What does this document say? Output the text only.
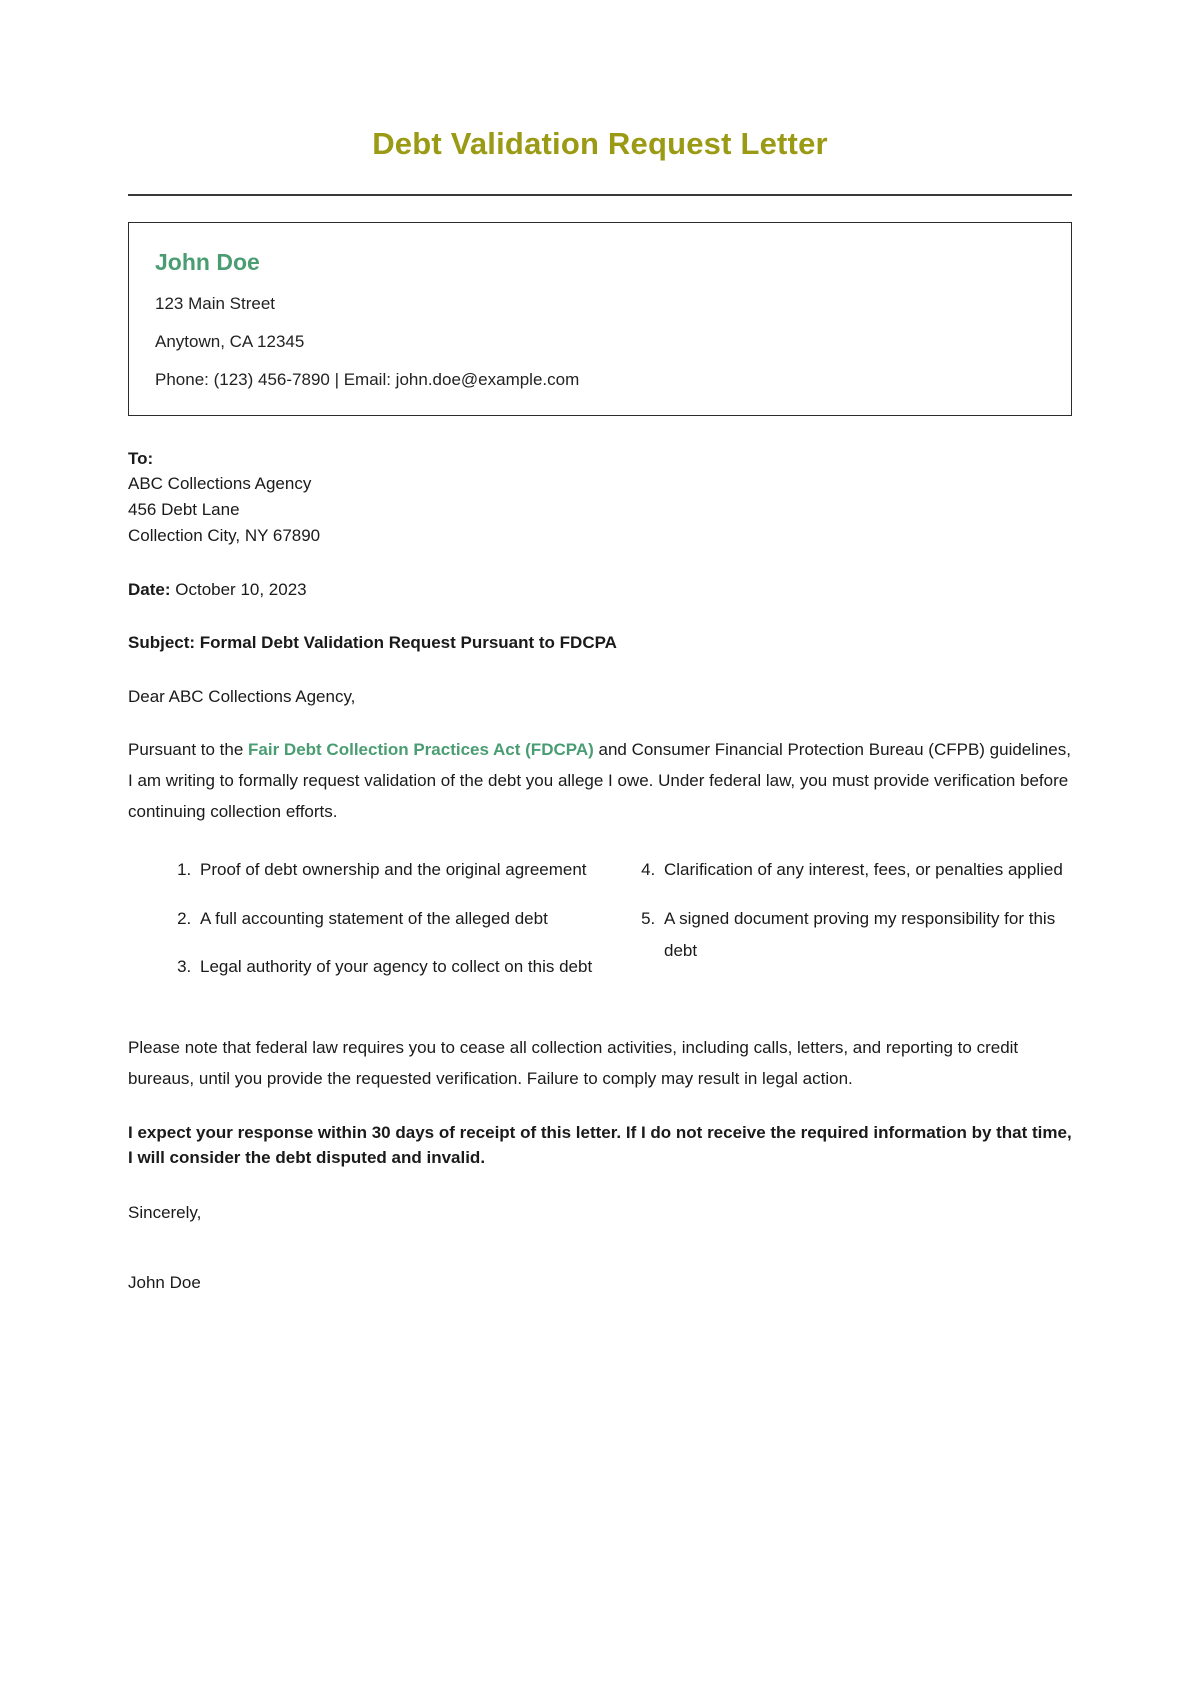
Debt Validation Request Letter
John Doe
123 Main Street
Anytown, CA 12345
Phone: (123) 456-7890 | Email: john.doe@example.com
To:
ABC Collections Agency
456 Debt Lane
Collection City, NY 67890
Date: October 10, 2023
Subject: Formal Debt Validation Request Pursuant to FDCPA
Dear ABC Collections Agency,

Pursuant to the Fair Debt Collection Practices Act (FDCPA) and Consumer Financial Protection Bureau (CFPB) guidelines, I am writing to formally request validation of the debt you allege I owe. Under federal law, you must provide verification before continuing collection efforts.

1. Proof of debt ownership and the original agreement
2. A full accounting statement of the alleged debt
3. Legal authority of your agency to collect on this debt
4. Clarification of any interest, fees, or penalties applied
5. A signed document proving my responsibility for this debt

Please note that federal law requires you to cease all collection activities, including calls, letters, and reporting to credit bureaus, until you provide the requested verification. Failure to comply may result in legal action.

I expect your response within 30 days of receipt of this letter. If I do not receive the required information by that time, I will consider the debt disputed and invalid.

Sincerely,
John Doe
